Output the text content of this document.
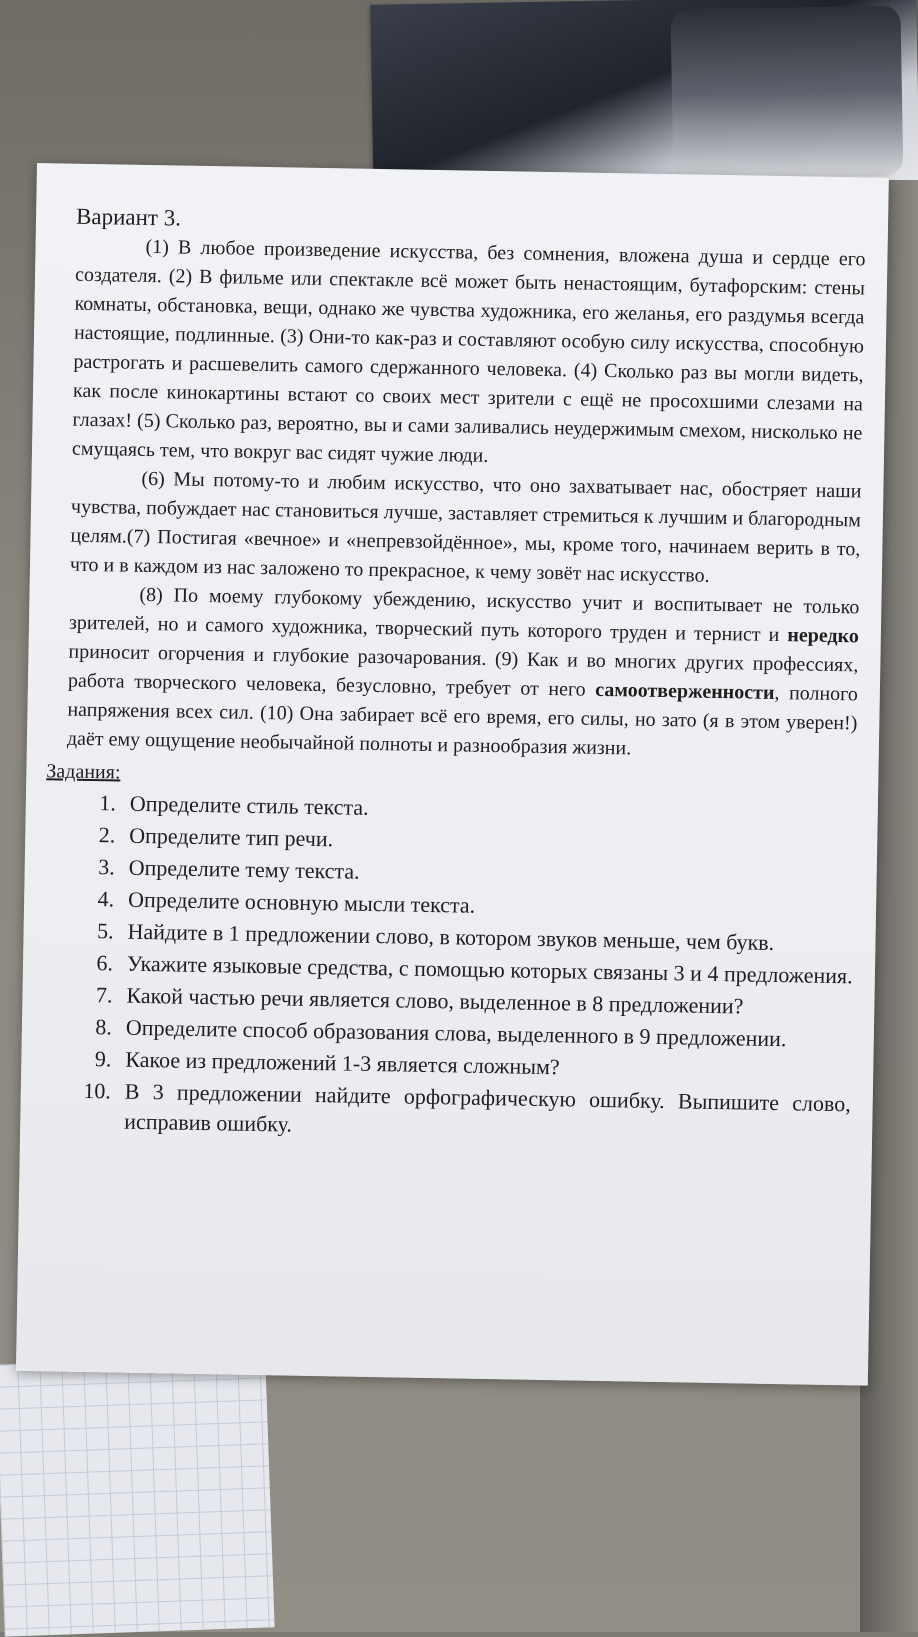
Вариант 3.

(1) В любое произведение искусства, без сомнения, вложена душа и сердце его создателя. (2) В фильме или спектакле всё может быть ненастоящим, бутафорским: стены комнаты, обстановка, вещи, однако же чувства художника, его желанья, его раздумья всегда настоящие, подлинные. (3) Они-то как-раз и составляют особую силу искусства, способную растрогать и расшевелить самого сдержанного человека. (4) Сколько раз вы могли видеть, как после кинокартины встают со своих мест зрители с ещё не просохшими слезами на глазах! (5) Сколько раз, вероятно, вы и сами заливались неудержимым смехом, нисколько не смущаясь тем, что вокруг вас сидят чужие люди.

(6) Мы потому-то и любим искусство, что оно захватывает нас, обостряет наши чувства, побуждает нас становиться лучше, заставляет стремиться к лучшим и благородным целям.(7) Постигая «вечное» и «непревзойдённое», мы, кроме того, начинаем верить в то, что и в каждом из нас заложено то прекрасное, к чему зовёт нас искусство.

(8) По моему глубокому убеждению, искусство учит и воспитывает не только зрителей, но и самого художника, творческий путь которого труден и тернист и нередко приносит огорчения и глубокие разочарования. (9) Как и во многих других профессиях, работа творческого человека, безусловно, требует от него самоотверженности, полного напряжения всех сил. (10) Она забирает всё его время, его силы, но зато (я в этом уверен!) даёт ему ощущение необычайной полноты и разнообразия жизни.

Задания:
1. Определите стиль текста.
2. Определите тип речи.
3. Определите тему текста.
4. Определите основную мысли текста.
5. Найдите в 1 предложении слово, в котором звуков меньше, чем букв.
6. Укажите языковые средства, с помощью которых связаны 3 и 4 предложения.
7. Какой частью речи является слово, выделенное в 8 предложении?
8. Определите способ образования слова, выделенного в 9 предложении.
9. Какое из предложений 1-3 является сложным?
10. В 3 предложении найдите орфографическую ошибку. Выпишите слово, исправив ошибку.
